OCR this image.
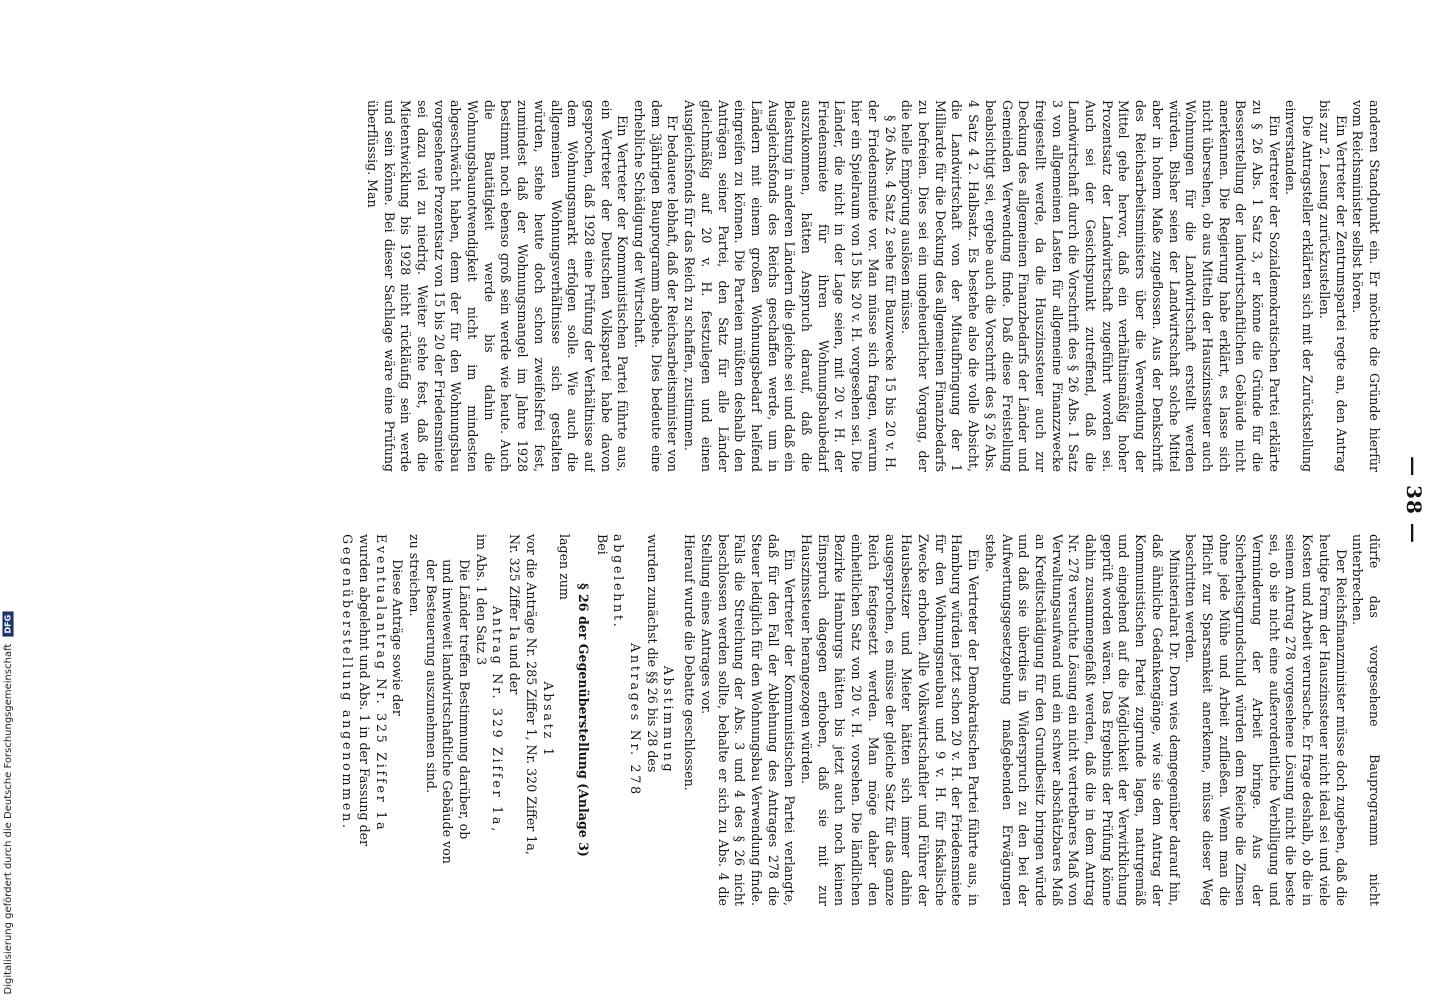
— 38 —

anderen Standpunkt ein. Er möchte die Gründe hierfür vom Reichsminister selbst hören.

Ein Vertreter der Zentrumspartei regte an, den Antrag bis zur 2. Lesung zurückzustellen.

Die Antragsteller erklärten sich mit der Zurückstellung einverstanden.

Ein Vertreter der Sozialdemokratischen Partei erklärte zu § 26 Abs. 1 Satz 3, er könne die Gründe für die Besserstellung der landwirtschaftlichen Gebäude nicht anerkennen. Die Regierung habe erklärt, es lasse sich nicht übersehen, ob aus Mitteln der Hauszinssteuer auch Wohnungen für die Landwirtschaft erstellt werden würden. Bisher seien der Landwirtschaft solche Mittel aber in hohem Maße zugeflossen. Aus der Denkschrift des Reichsarbeitsministers über die Verwendung der Mittel gehe hervor, daß ein verhältnismäßig hoher Prozentsatz der Landwirtschaft zugeführt worden sei. Auch sei der Gesichtspunkt zutreffend, daß die Landwirtschaft durch die Vorschrift des § 26 Abs. 1 Satz 3 von allgemeinen Lasten für allgemeine Finanzzwecke freigestellt werde, da die Hauszinssteuer auch zur Deckung des allgemeinen Finanzbedarfs der Länder und Gemeinden Verwendung finde. Daß diese Freistellung beabsichtigt sei, ergebe auch die Vorschrift des § 26 Abs. 4 Satz 4 2. Halbsatz. Es bestehe also die volle Absicht, die Landwirtschaft von der Mitaufbringung der 1 Milliarde für die Deckung des allgemeinen Finanzbedarfs zu befreien. Dies sei ein ungeheuerlicher Vorgang, der die helle Empörung auslösen müsse.

§ 26 Abs. 4 Satz 2 sehe für Bauzwecke 15 bis 20 v. H. der Friedensmiete vor. Man müsse sich fragen, warum hier ein Spielraum von 15 bis 20 v. H. vorgesehen sei. Die Länder, die nicht in der Lage seien, mit 20 v. H. der Friedensmiete für ihren Wohnungsbaubedarf auszukommen, hätten Anspruch darauf, daß die Belastung in anderen Ländern die gleiche sei und daß ein Ausgleichsfonds des Reichs geschaffen werde, um in Ländern mit einem großen Wohnungsbedarf helfend eingreifen zu können. Die Parteien müßten deshalb den Anträgen seiner Partei, den Satz für alle Länder gleichmäßig auf 20 v. H. festzulegen und einen Ausgleichsfonds für das Reich zu schaffen, zustimmen.

Er bedauere lebhaft, daß der Reichsarbeitsminister von dem 3jährigen Bauprogramm abgehe. Dies bedeute eine erhebliche Schädigung der Wirtschaft.

Ein Vertreter der Kommunistischen Partei führte aus, ein Vertreter der Deutschen Volkspartei habe davon gesprochen, daß 1928 eine Prüfung der Verhältnisse auf dem Wohnungsmarkt erfolgen solle. Wie auch die allgemeinen Wohnungsverhältnisse sich gestalten würden, stehe heute doch schon zweifelsfrei fest, zumindest daß der Wohnungsmangel im Jahre 1928 bestimmt noch ebenso groß sein werde wie heute. Auch die Bautätigkeit werde bis dahin die Wohnungsbaunotwendigkeit nicht im mindesten abgeschwächt haben, denn der für den Wohnungsbau vorgesehene Prozentsatz von 15 bis 20 der Friedensmiete sei dazu viel zu niedrig. Weiter stehe fest, daß die Mietentwicklung bis 1928 nicht rückläufig sein werde und sein könne. Bei dieser Sachlage wäre eine Prüfung überflüssig. Man

dürfe das vorgesehene Bauprogramm nicht unterbrechen.

Der Reichsfinanzminister müsse doch zugeben, daß die heutige Form der Hauszinssteuer nicht ideal sei und viele Kosten und Arbeit verursache. Er frage deshalb, ob die in seinem Antrag 278 vorgesehene Lösung nicht die beste sei, ob sie nicht eine außerordentliche Verbilligung und Verminderung der Arbeit bringe. Aus der Sicherheitsgrundschuld würden dem Reiche die Zinsen ohne jede Mühe und Arbeit zufließen. Wenn man die Pflicht zur Sparsamkeit anerkenne, müsse dieser Weg beschritten werden.

Ministerialrat Dr. Dorn wies demgegenüber darauf hin, daß ähnliche Gedankengänge, wie sie dem Antrag der Kommunistischen Partei zugrunde lagen, naturgemäß und eingehend auf die Möglichkeit der Verwirklichung geprüft worden wären. Das Ergebnis der Prüfung könne dahin zusammengefaßt werden, daß die in dem Antrag Nr. 278 versuchte Lösung ein nicht vertretbares Maß von Verwaltungsaufwand und ein schwer abschätzbares Maß an Kreditschädigung für den Grundbesitz bringen würde und daß sie überdies in Widerspruch zu den bei der Aufwertungsgesetzgebung maßgebenden Erwägungen stehe.

Ein Vertreter der Demokratischen Partei führte aus, in Hamburg würden jetzt schon 20 v. H. der Friedensmiete für den Wohnungsneubau und 9 v. H. für fiskalische Zwecke erhoben. Alle Volkswirtschaftler und Führer der Hausbesitzer und Mieter hätten sich immer dahin ausgesprochen, es müsse der gleiche Satz für das ganze Reich festgesetzt werden. Man möge daher den einheitlichen Satz von 20 v. H. vorsehen. Die ländlichen Bezirke Hamburgs hätten bis jetzt auch noch keinen Einspruch dagegen erhoben, daß sie mit zur Hauszinssteuer herangezogen würden.

Ein Vertreter der Kommunistischen Partei verlangte, daß für den Fall der Ablehnung des Antrages 278 die Steuer lediglich für den Wohnungsbau Verwendung finde. Falls die Streichung der Abs. 3 und 4 des § 26 nicht beschlossen werden sollte, behalte er sich zu Abs. 4 die Stellung eines Antrages vor.

Hierauf wurde die Debatte geschlossen.

Abstimmung

wurden zunächst die §§ 26 bis 28 des

Antrages Nr. 278

abgelehnt.

Bei

§ 26 der Gegenüberstellung (Anlage 3)

lagen zum

Absatz 1

vor die Anträge Nr. 285 Ziffer 1, Nr. 320 Ziffer 1a,

Nr. 325 Ziffer 1a und der

Antrag Nr. 329 Ziffer 1a,

im Abs. 1 den Satz 3

Die Länder treffen Bestimmung darüber, ob

und inwieweit landwirtschaftliche Gebäude von

der Besteuerung auszunehmen sind.

zu streichen.

Diese Anträge sowie der

Eventualantrag Nr. 325 Ziffer 1a

wurden abgelehnt und Abs. 1 in der Fassung der

Gegenüberstellung angenommen.

Digitalisierung gefördert durch die Deutsche Forschungsgemeinschaft DFG
